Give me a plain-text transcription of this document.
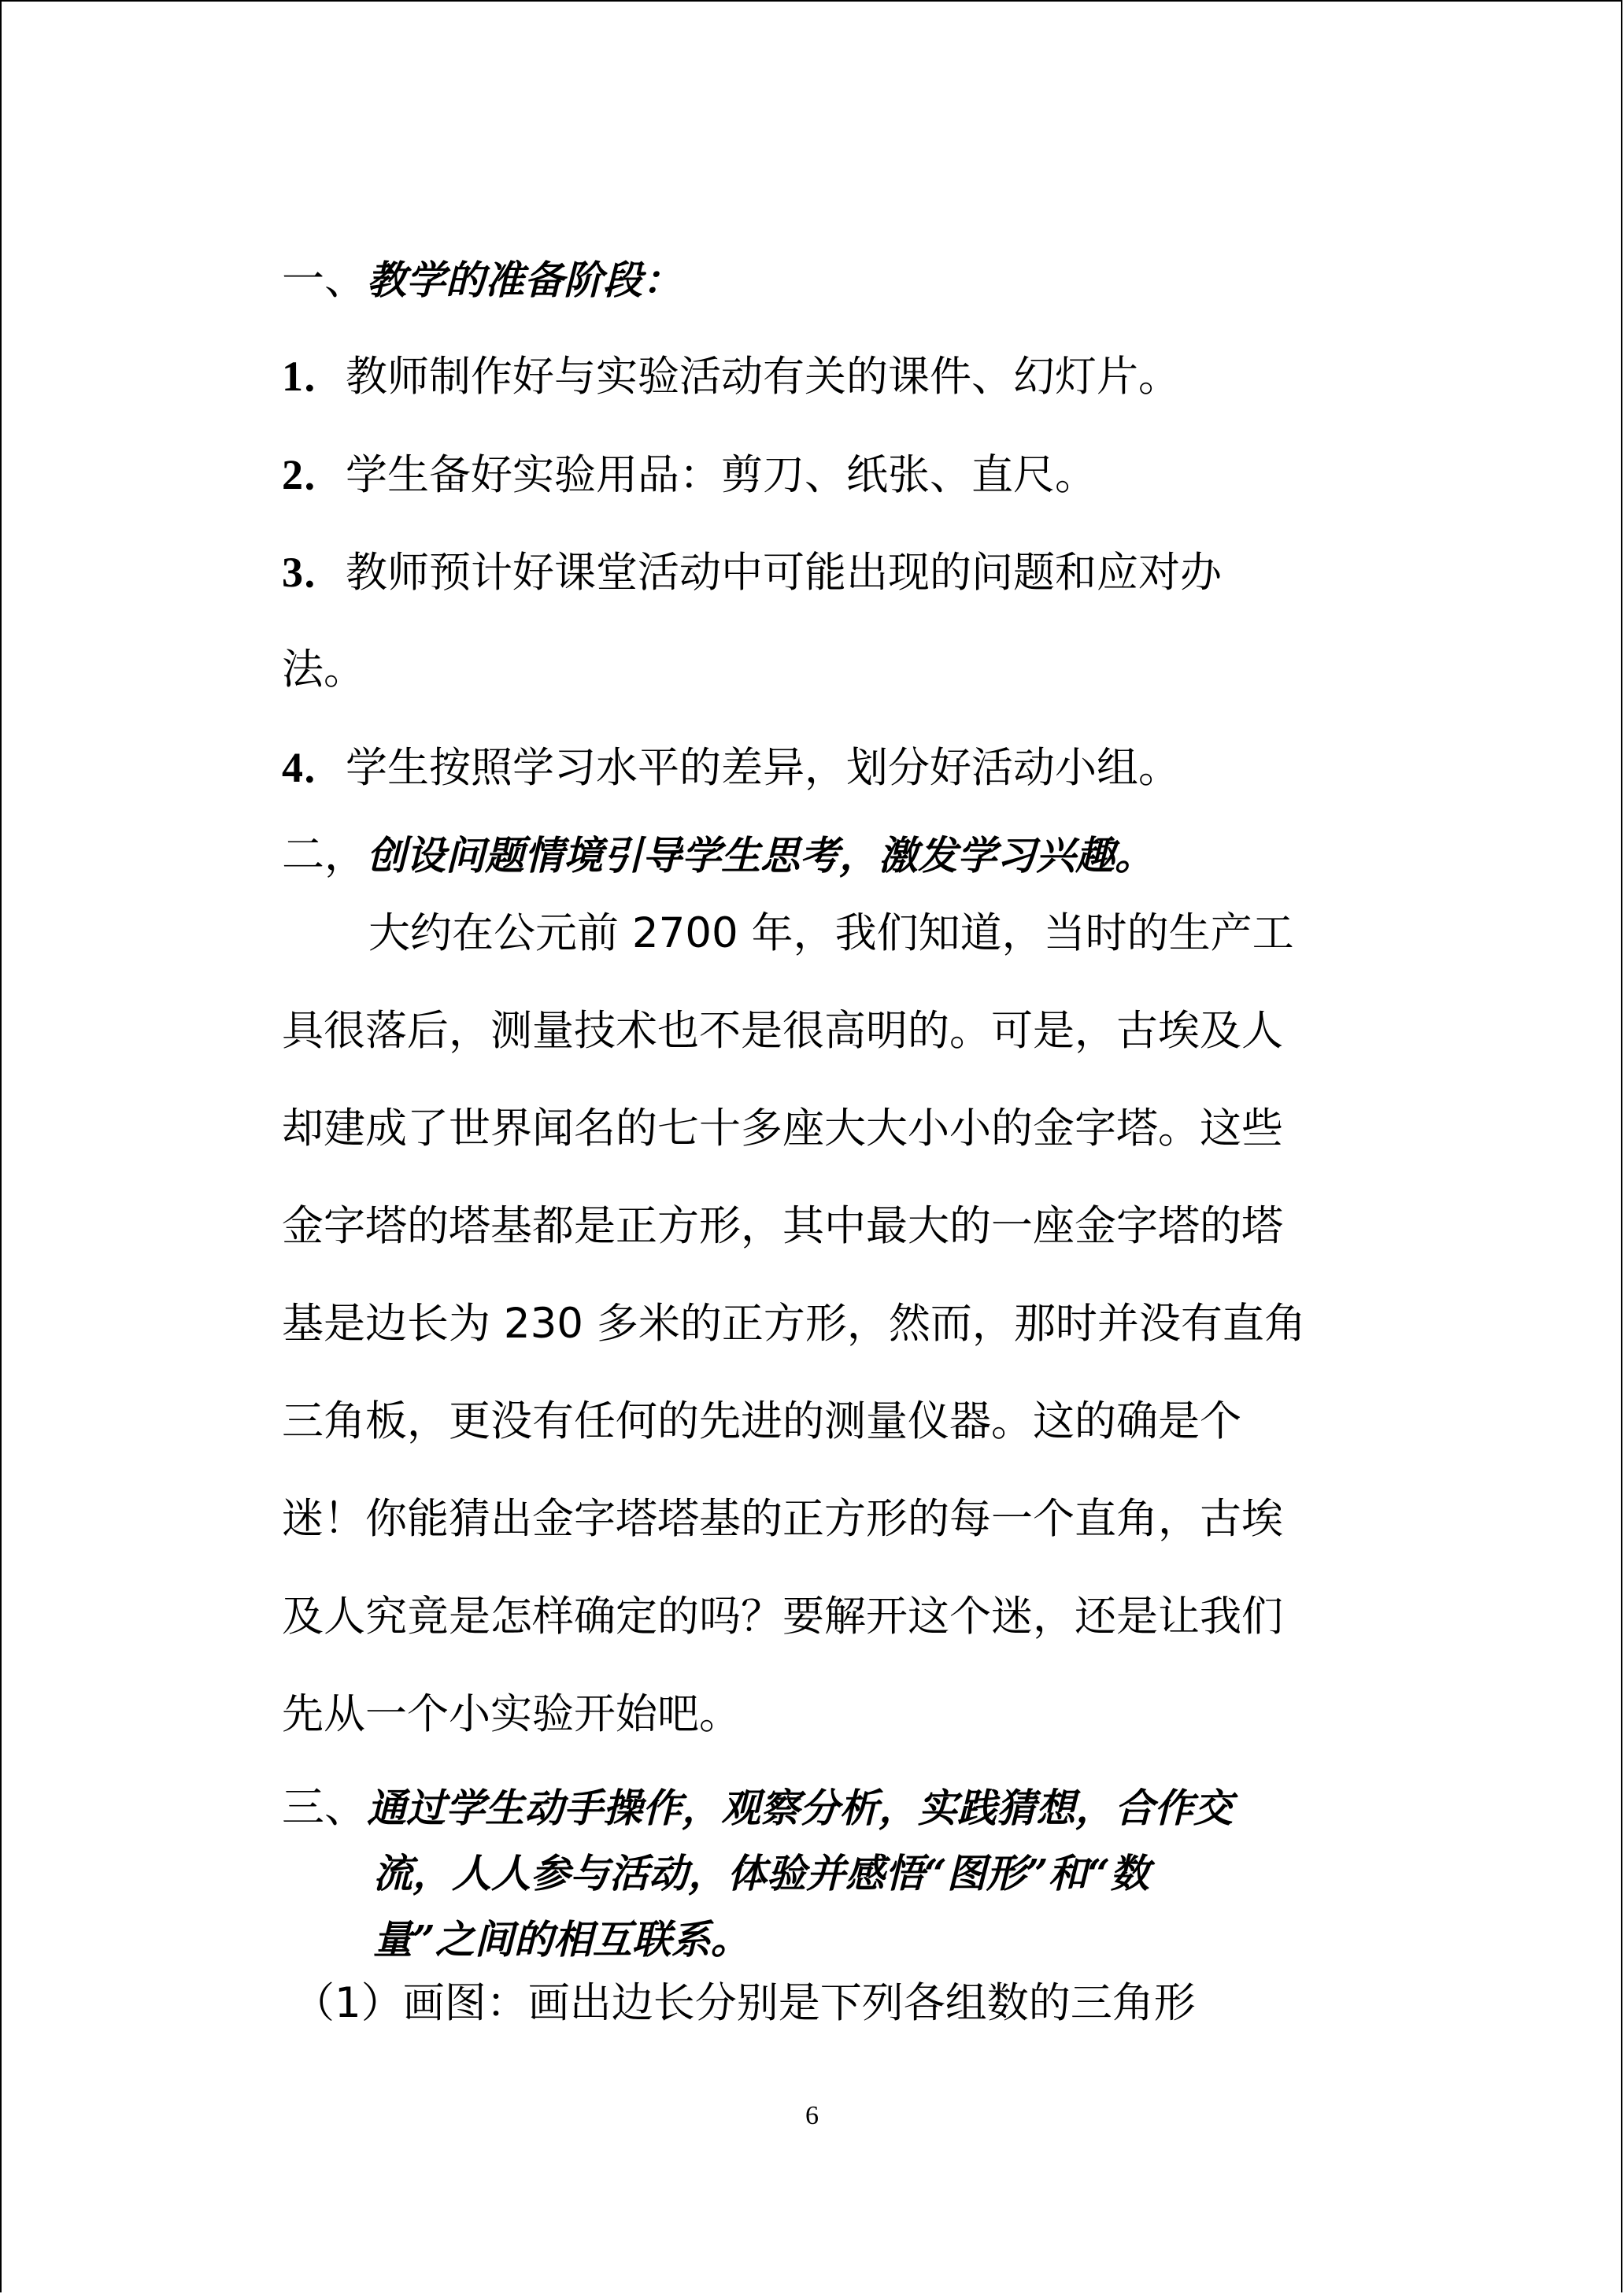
一、教学的准备阶段：
1．教师制作好与实验活动有关的课件、幻灯片。
2．学生备好实验用品：剪刀、纸张、直尺。
3．教师预计好课堂活动中可能出现的问题和应对办
法。
4．学生按照学习水平的差异，划分好活动小组。
二，创设问题情境引导学生思考，激发学习兴趣。
大约在公元前 2700 年，我们知道，当时的生产工
具很落后，测量技术也不是很高明的。可是，古埃及人
却建成了世界闻名的七十多座大大小小的金字塔。这些
金字塔的塔基都是正方形，其中最大的一座金字塔的塔
基是边长为 230 多米的正方形，然而，那时并没有直角
三角板，更没有任何的先进的测量仪器。这的确是个
迷！你能猜出金字塔塔基的正方形的每一个直角，古埃
及人究竟是怎样确定的吗？要解开这个迷，还是让我们
先从一个小实验开始吧。
三、通过学生动手操作，观察分析，实践猜想，合作交
流，人人参与活动，体验并感悟“图形”和“数
量”之间的相互联系。
（1）画图：画出边长分别是下列各组数的三角形
6
